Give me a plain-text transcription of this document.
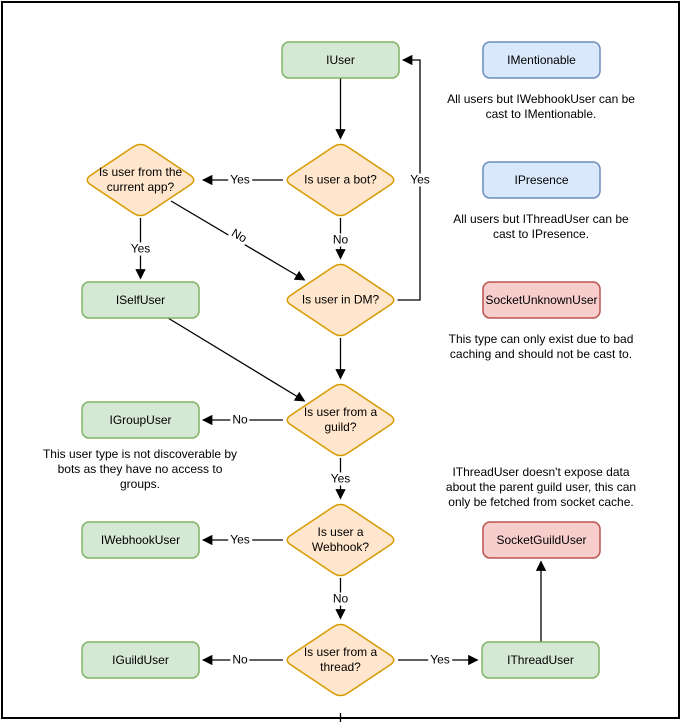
IUser	IMentionable
IPresence
ISelfUser	SocketUnknownUser
IGroupUser
IWebhookUser	SocketGuildUser
IGuildUser	IThreadUser
Is user a bot?
Is user from the current app?
Is user in DM?
Is user from a guild?
Is user a Webhook?
Is user from a thread?
Yes
No
Yes
Yes
No
No
Yes
Yes
No
No	Yes
All users but IWebhookUser can be
cast to IMentionable.
All users but IThreadUser can be
cast to IPresence.
This type can only exist due to bad
caching and should not be cast to.
This user type is not discoverable by
bots as they have no access to
groups.
IThreadUser doesn't expose data
about the parent guild user, this can
only be fetched from socket cache.
